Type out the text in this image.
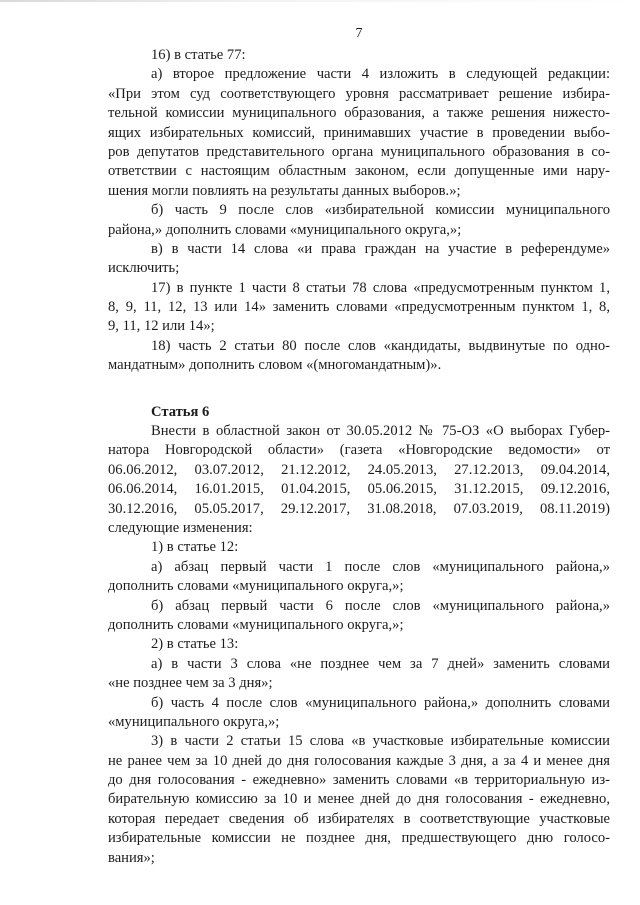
7
16) в статье 77:
а) второе предложение части 4 изложить в следующей редакции:
«При этом суд соответствующего уровня рассматривает решение избира-
тельной комиссии муниципального образования, а также решения нижесто-
ящих избирательных комиссий, принимавших участие в проведении выбо-
ров депутатов представительного органа муниципального образования в со-
ответствии с настоящим областным законом, если допущенные ими нару-
шения могли повлиять на результаты данных выборов.»;
б) часть 9 после слов «избирательной комиссии муниципального
района,» дополнить словами «муниципального округа,»;
в) в части 14 слова «и права граждан на участие в референдуме»
исключить;
17) в пункте 1 части 8 статьи 78 слова «предусмотренным пунктом 1,
8, 9, 11, 12, 13 или 14» заменить словами «предусмотренным пунктом 1, 8,
9, 11, 12 или 14»;
18) часть 2 статьи 80 после слов «кандидаты, выдвинутые по одно-
мандатным» дополнить словом «(многомандатным)».
Статья 6
Внести в областной закон от 30.05.2012 № 75-ОЗ «О выборах Губер-
натора Новгородской области» (газета «Новгородские ведомости» от
06.06.2012, 03.07.2012, 21.12.2012, 24.05.2013, 27.12.2013, 09.04.2014,
06.06.2014, 16.01.2015, 01.04.2015, 05.06.2015, 31.12.2015, 09.12.2016,
30.12.2016, 05.05.2017, 29.12.2017, 31.08.2018, 07.03.2019, 08.11.2019)
следующие изменения:
1) в статье 12:
а) абзац первый части 1 после слов «муниципального района,»
дополнить словами «муниципального округа,»;
б) абзац первый части 6 после слов «муниципального района,»
дополнить словами «муниципального округа,»;
2) в статье 13:
а) в части 3 слова «не позднее чем за 7 дней» заменить словами
«не позднее чем за 3 дня»;
б) часть 4 после слов «муниципального района,» дополнить словами
«муниципального округа,»;
3) в части 2 статьи 15 слова «в участковые избирательные комиссии
не ранее чем за 10 дней до дня голосования каждые 3 дня, а за 4 и менее дня
до дня голосования - ежедневно» заменить словами «в территориальную из-
бирательную комиссию за 10 и менее дней до дня голосования - ежедневно,
которая передает сведения об избирателях в соответствующие участковые
избирательные комиссии не позднее дня, предшествующего дню голосо-
вания»;
